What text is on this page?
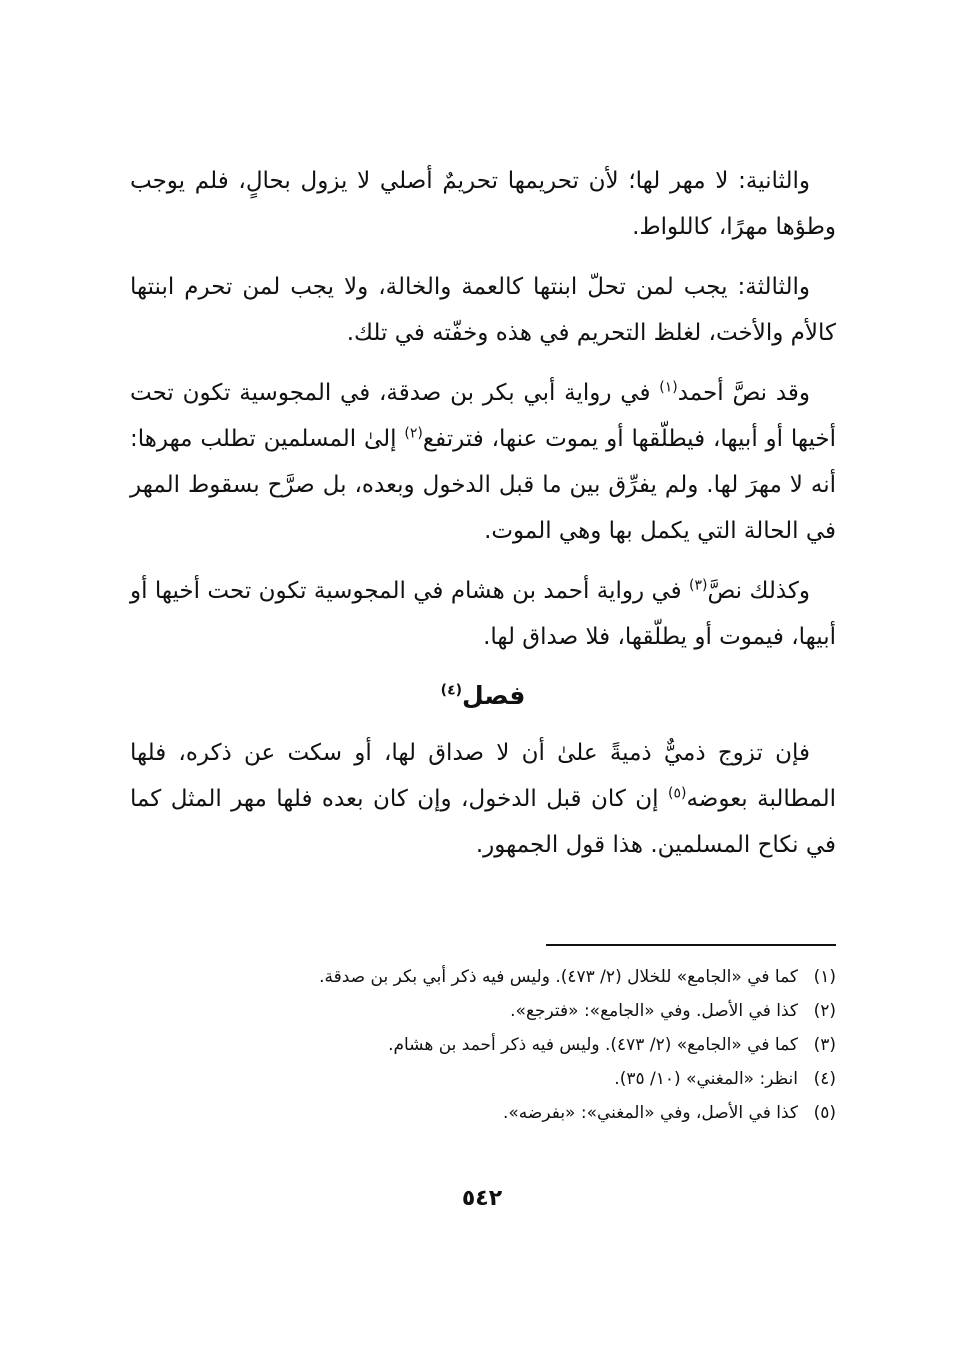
والثانية: لا مهر لها؛ لأن تحريمها تحريمٌ أصلي لا يزول بحالٍ، فلم يوجب وطؤها مهرًا، كاللواط.

والثالثة: يجب لمن تحلّ ابنتها كالعمة والخالة، ولا يجب لمن تحرم ابنتها كالأم والأخت، لغلظ التحريم في هذه وخفّته في تلك.

وقد نصَّ أحمد$^{(١)}$ في رواية أبي بكر بن صدقة، في المجوسية تكون تحت أخيها أو أبيها، فيطلّقها أو يموت عنها، فترتفع$^{(٢)}$ إلىٰ المسلمين تطلب مهرها: أنه لا مهرَ لها. ولم يفرِّق بين ما قبل الدخول وبعده، بل صرَّح بسقوط المهر في الحالة التي يكمل بها وهي الموت.

وكذلك نصَّ$^{(٣)}$ في رواية أحمد بن هشام في المجوسية تكون تحت أخيها أو أبيها، فيموت أو يطلّقها، فلا صداق لها.

فصل$^{(٤)}$

فإن تزوج ذميٌّ ذميةً علىٰ أن لا صداق لها، أو سكت عن ذكره، فلها المطالبة بعوضه$^{(٥)}$ إن كان قبل الدخول، وإن كان بعده فلها مهر المثل كما في نكاح المسلمين. هذا قول الجمهور.

(١)كما في «الجامع» للخلال (٢/ ٤٧٣). وليس فيه ذكر أبي بكر بن صدقة.

(٢)كذا في الأصل. وفي «الجامع»: «فترجع».

(٣)كما في «الجامع» (٢/ ٤٧٣). وليس فيه ذكر أحمد بن هشام.

(٤)انظر: «المغني» (١٠/ ٣٥).

(٥)كذا في الأصل، وفي «المغني»: «بفرضه».

٥٤٢
